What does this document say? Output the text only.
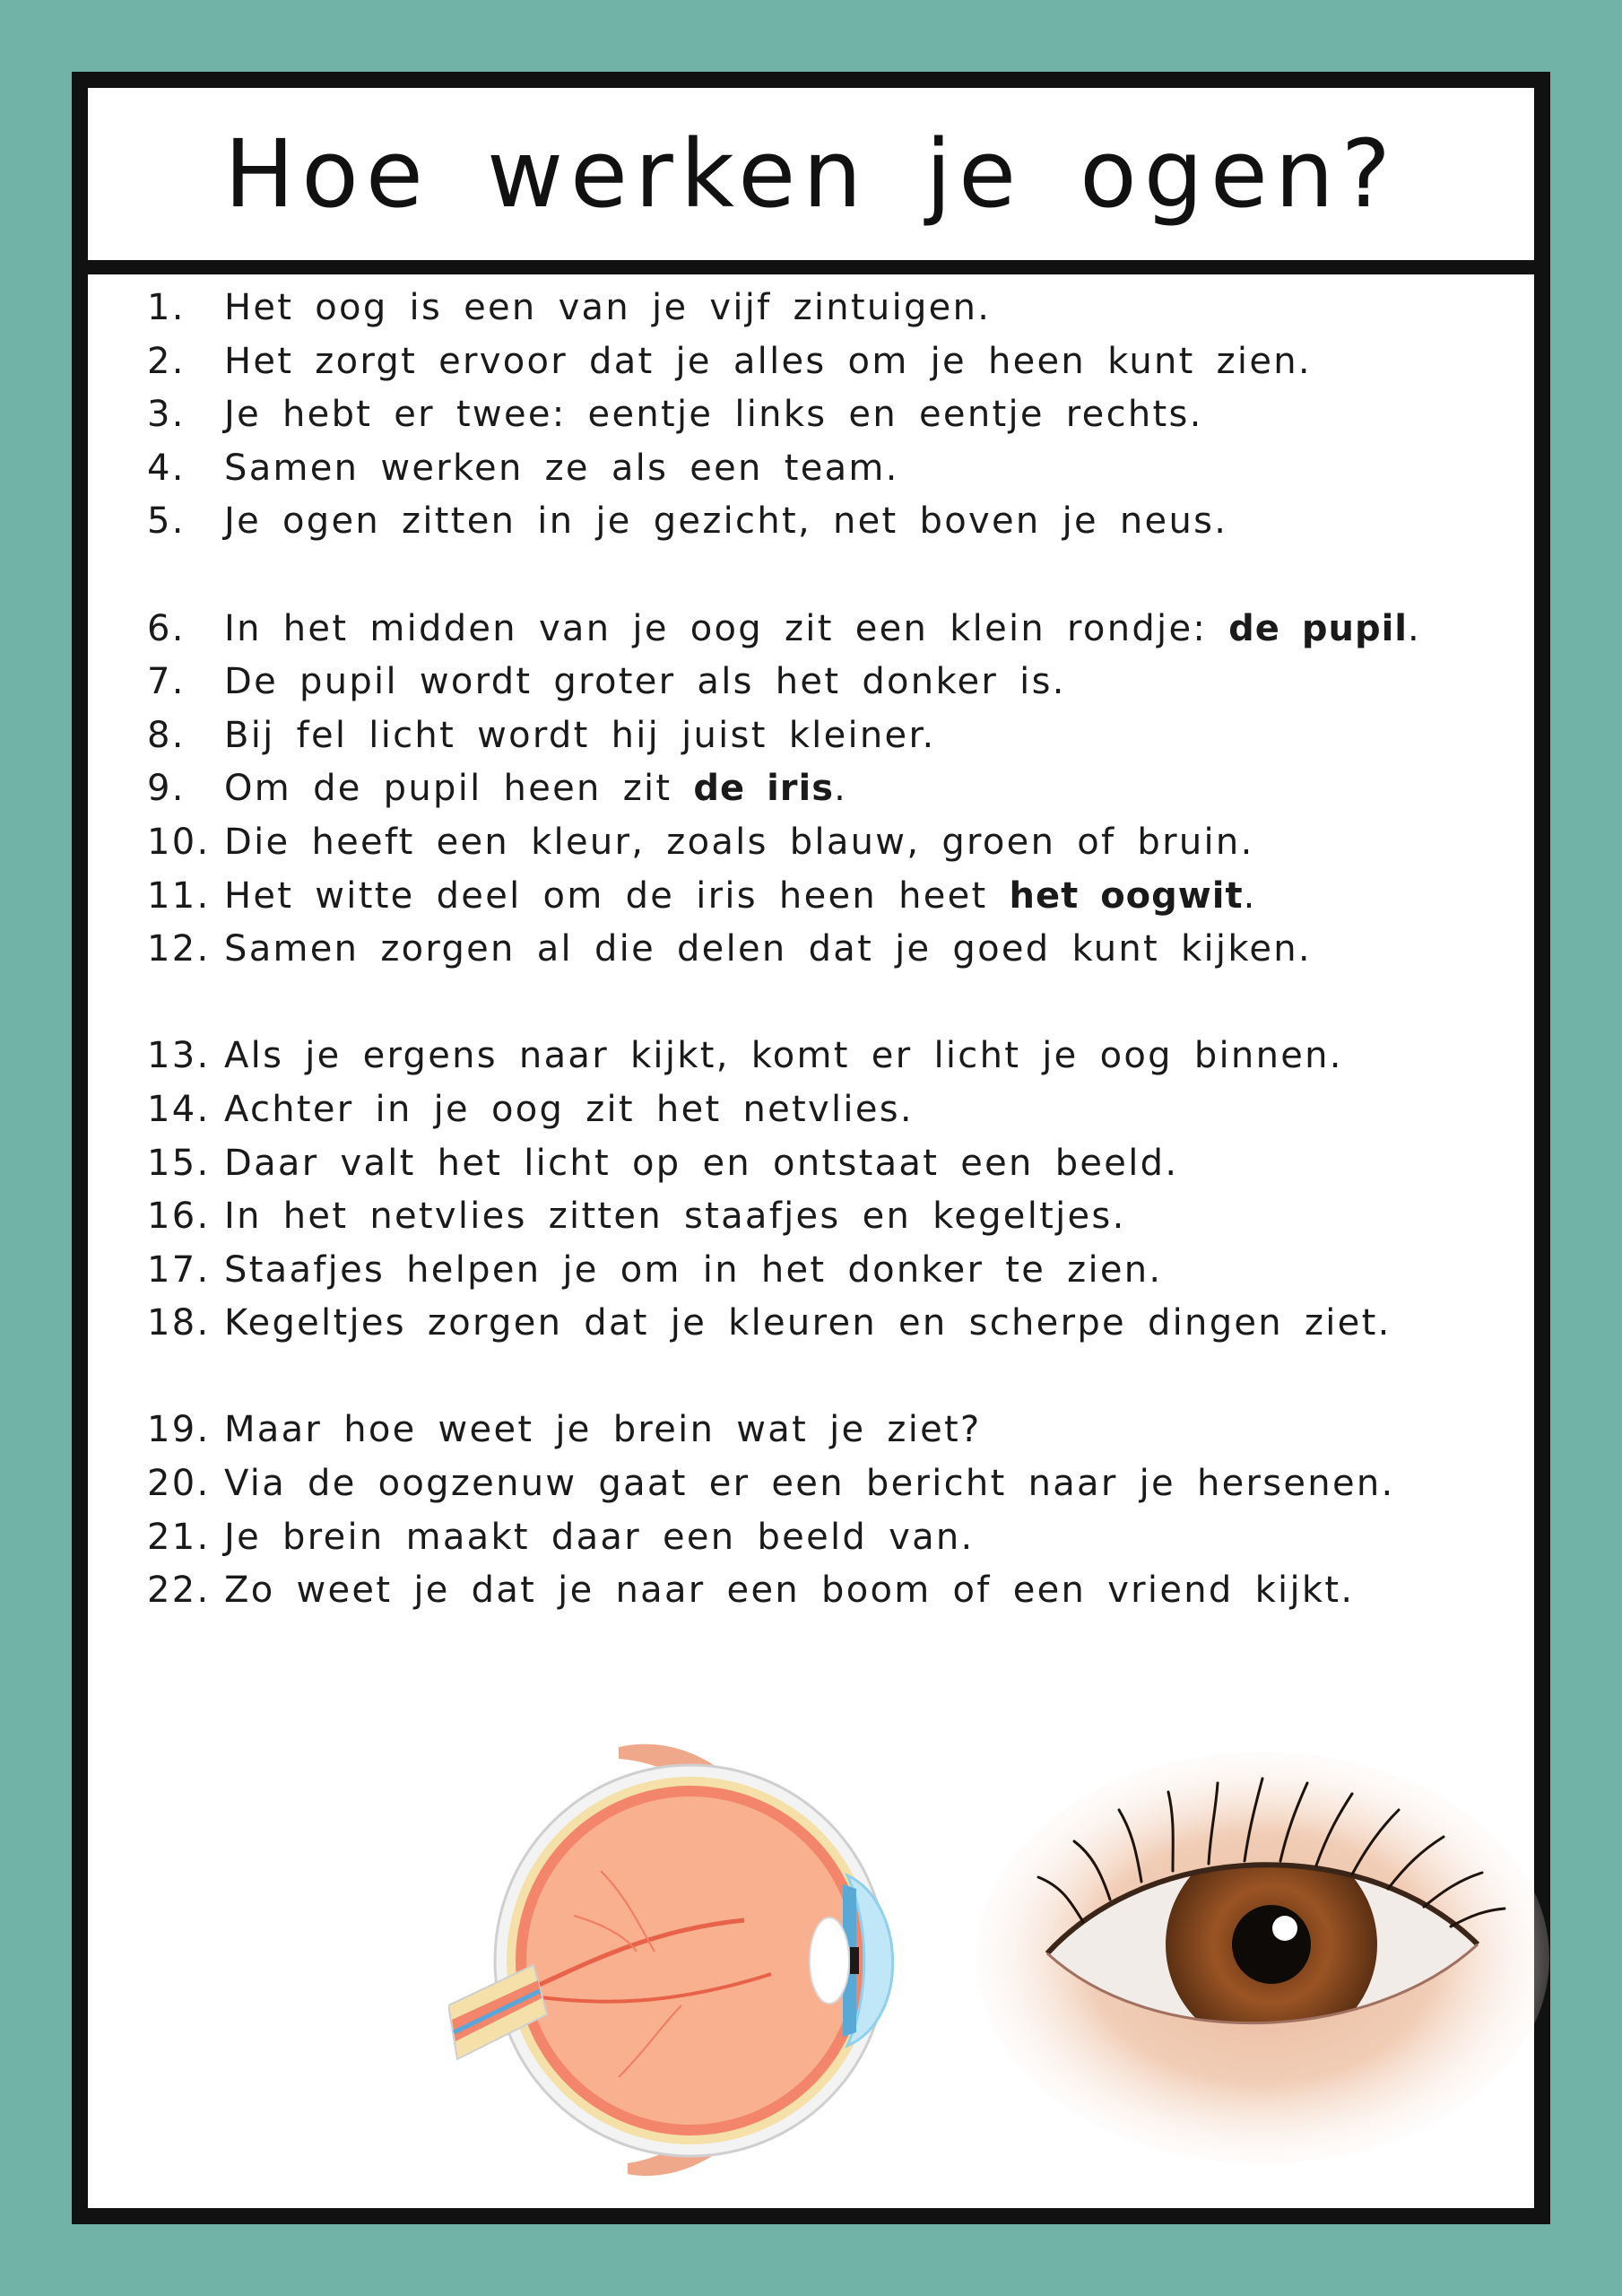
Hoe werken je ogen?
1.	Het oog is een van je vijf zintuigen.
2.	Het zorgt ervoor dat je alles om je heen kunt zien.
3.	Je hebt er twee: eentje links en eentje rechts.
4.	Samen werken ze als een team.
5.	Je ogen zitten in je gezicht, net boven je neus.
6.	In het midden van je oog zit een klein rondje: de pupil.
7.	De pupil wordt groter als het donker is.
8.	Bij fel licht wordt hij juist kleiner.
9.	Om de pupil heen zit de iris.
10. Die heeft een kleur, zoals blauw, groen of bruin.
11. Het witte deel om de iris heen heet het oogwit.
12. Samen zorgen al die delen dat je goed kunt kijken.
13. Als je ergens naar kijkt, komt er licht je oog binnen.
14. Achter in je oog zit het netvlies.
15. Daar valt het licht op en ontstaat een beeld.
16. In het netvlies zitten staafjes en kegeltjes.
17. Staafjes helpen je om in het donker te zien.
18. Kegeltjes zorgen dat je kleuren en scherpe dingen ziet.
19. Maar hoe weet je brein wat je ziet?
20. Via de oogzenuw gaat er een bericht naar je hersenen.
21. Je brein maakt daar een beeld van.
22. Zo weet je dat je naar een boom of een vriend kijkt.
